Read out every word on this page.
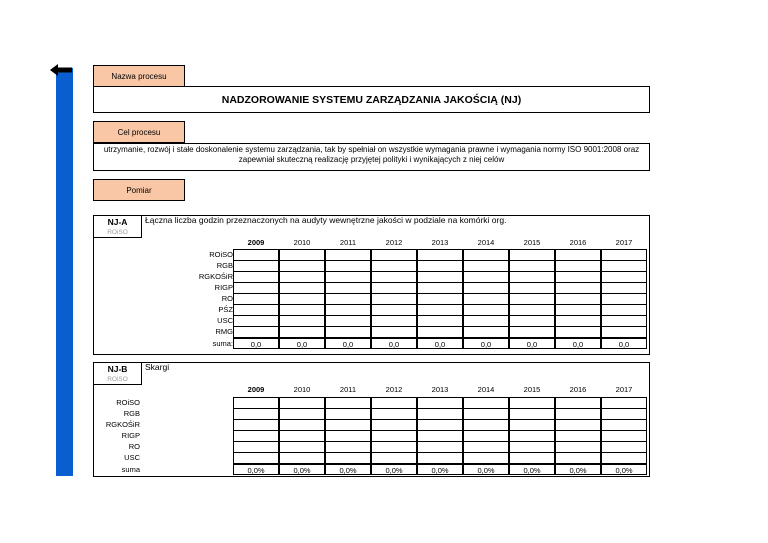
Nazwa procesu
NADZOROWANIE SYSTEMU ZARZĄDZANIA JAKOŚCIĄ (NJ)
Cel procesu
utrzymanie, rozwój i stałe doskonalenie systemu zarządzania, tak by spełniał on wszystkie wymagania prawne i wymagania normy ISO 9001:2008 oraz zapewniał skuteczną realizację przyjętej polityki i wynikających z niej celów
Pomiar
NJ-A
ROiSO
Łączna liczba godzin przeznaczonych na audyty wewnętrzne jakości w podziale na komórki org.
2009	2010	2011	2012	2013	2014	2015	2016	2017
ROiSO
RGB
RGKOŚiR
RIGP
RO
PŚZ
USC
RMG
suma:	0,0	0,0	0,0	0,0	0,0	0,0	0,0	0,0	0,0
NJ-B
ROiSO
Skargi
2009	2010	2011	2012	2013	2014	2015	2016	2017
ROiSO
RGB
RGKOŚiR
RIGP
RO
USC
suma	0,0%	0,0%	0,0%	0,0%	0,0%	0,0%	0,0%	0,0%	0,0%
